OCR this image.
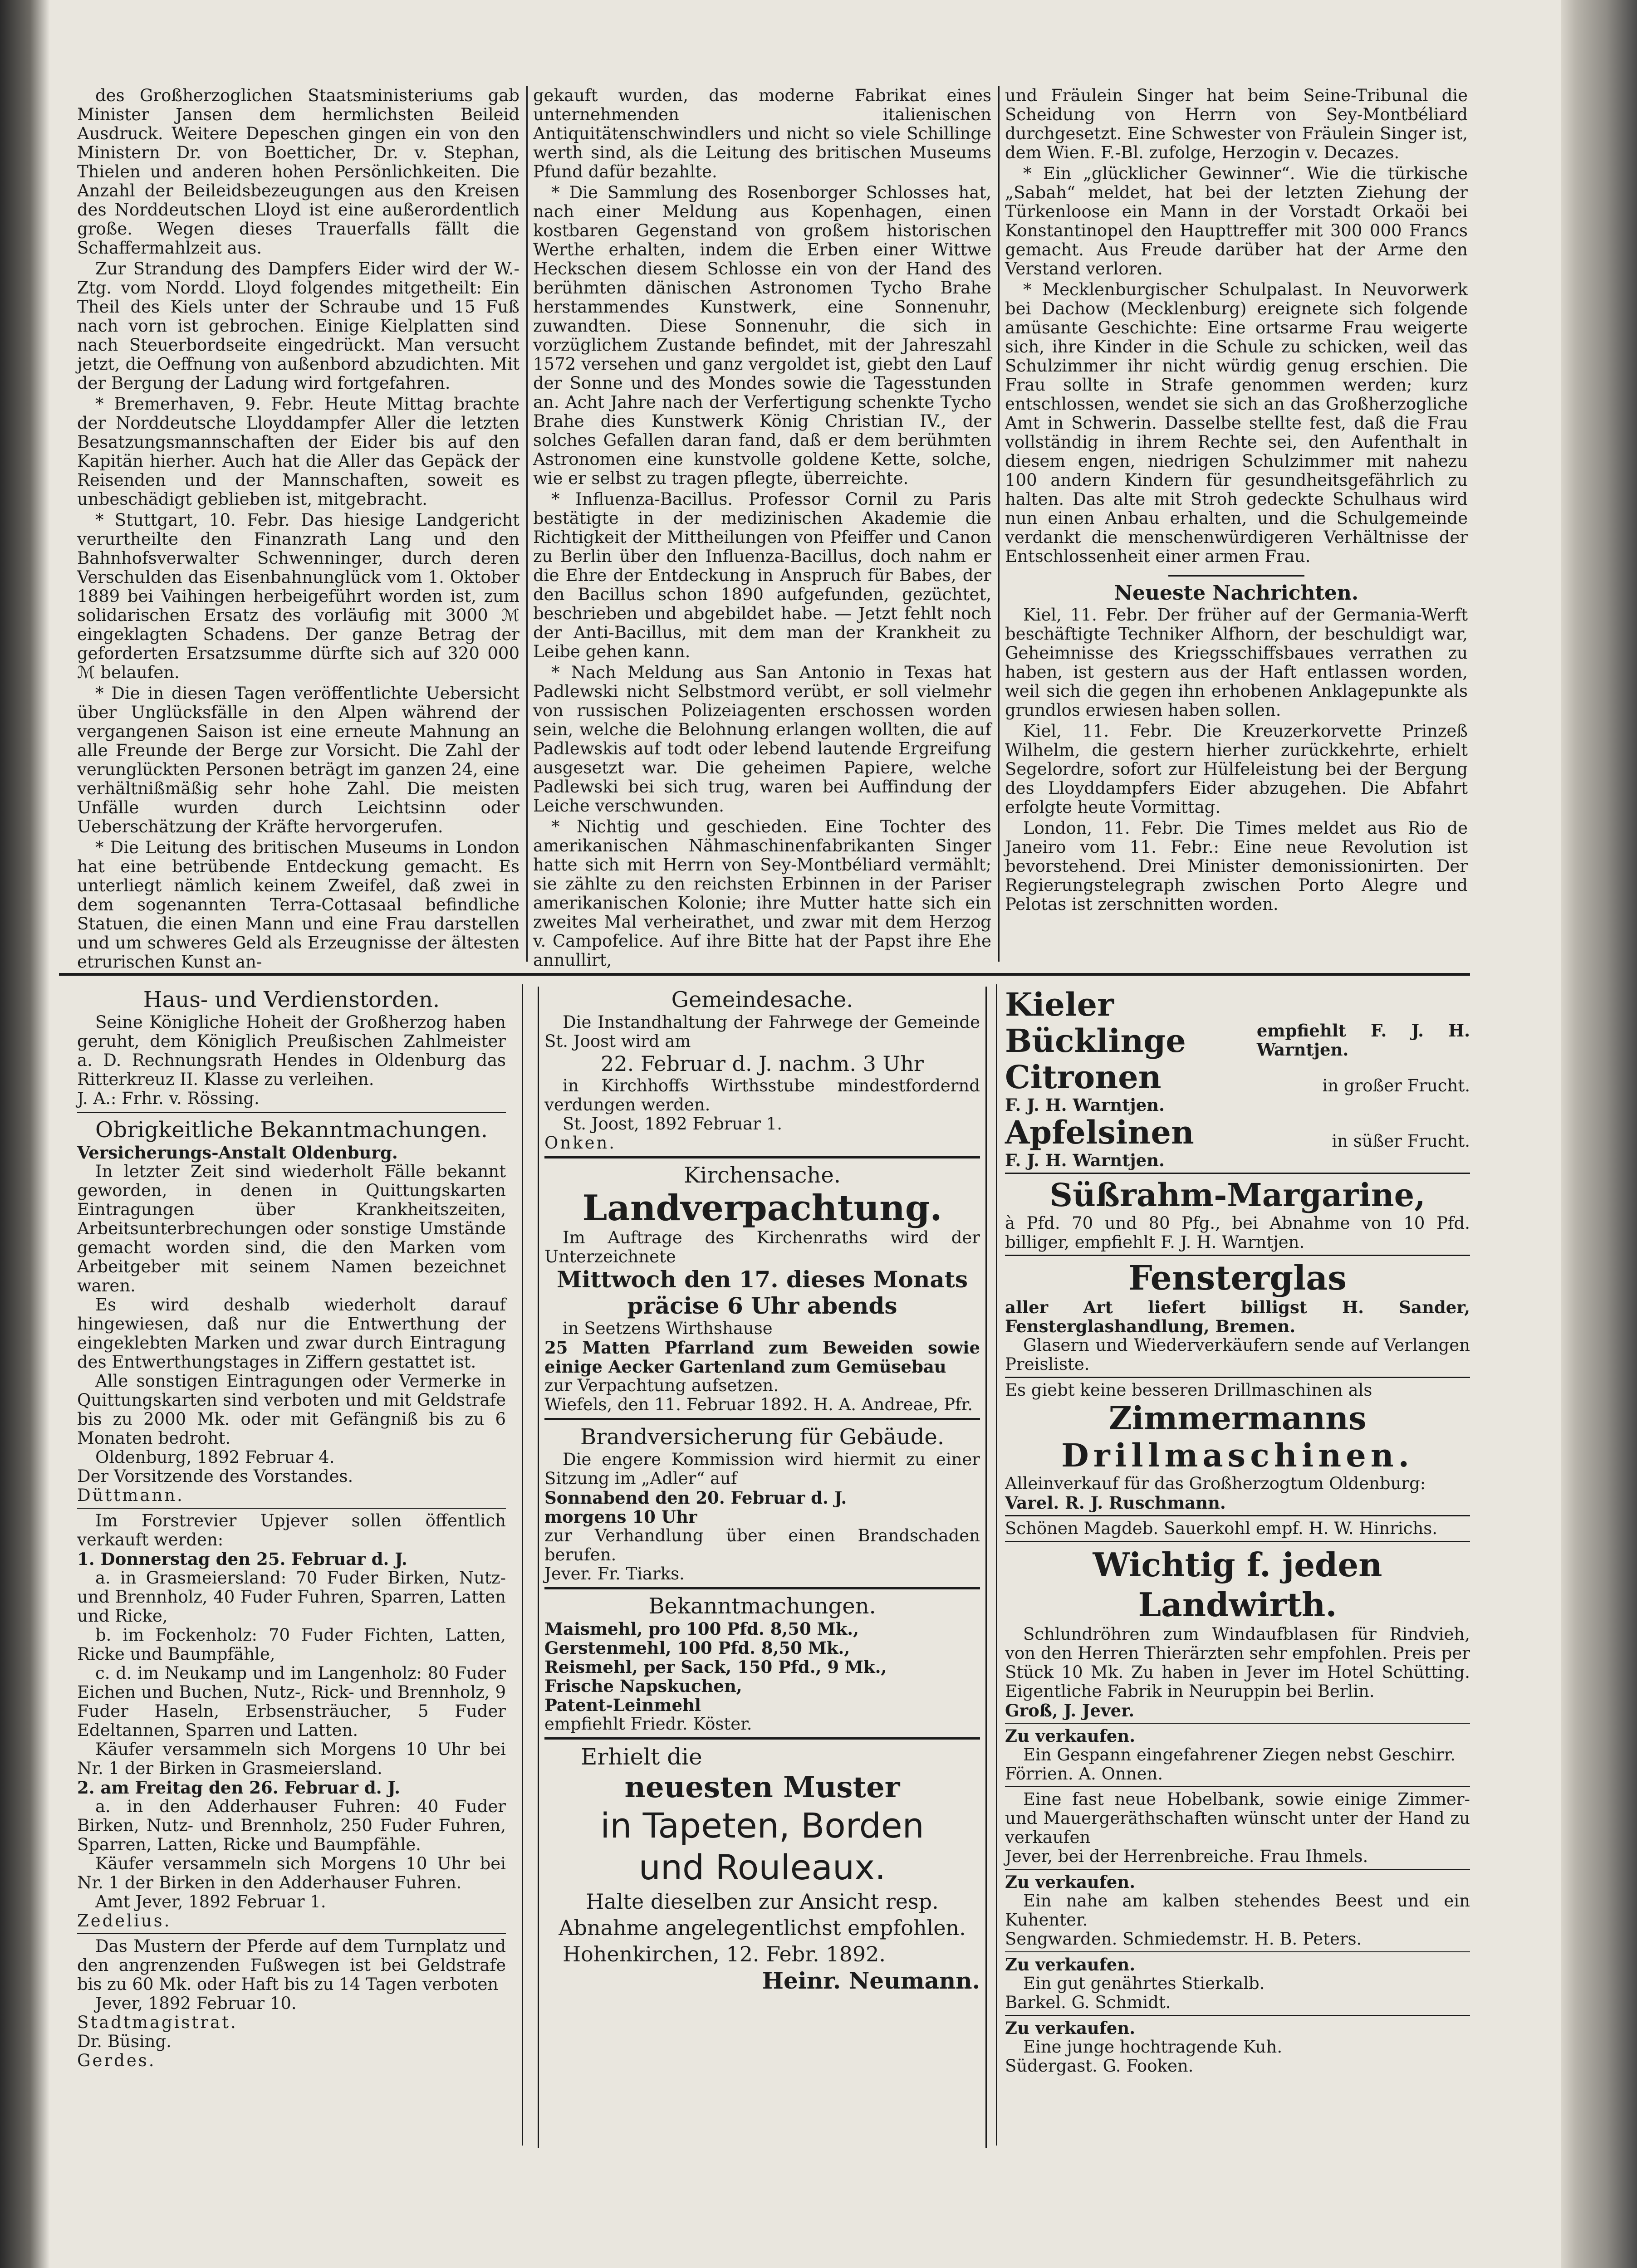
des Großherzoglichen Staatsministeriums gab Minister Jansen dem hermlichsten Beileid Ausdruck. Weitere Depeschen gingen ein von den Ministern Dr. von Boetticher, Dr. v. Stephan, Thielen und anderen hohen Persönlichkeiten. Die Anzahl der Beileidsbezeugungen aus den Kreisen des Norddeutschen Lloyd ist eine außerordentlich große. Wegen dieses Trauerfalls fällt die Schaffermahlzeit aus.

Zur Strandung des Dampfers Eider wird der W.-Ztg. vom Nordd. Lloyd folgendes mitgetheilt: Ein Theil des Kiels unter der Schraube und 15 Fuß nach vorn ist gebrochen. Einige Kielplatten sind nach Steuerbordseite eingedrückt. Man versucht jetzt, die Oeffnung von außenbord abzudichten. Mit der Bergung der Ladung wird fortgefahren.

* Bremerhaven, 9. Febr. Heute Mittag brachte der Norddeutsche Lloyddampfer Aller die letzten Besatzungsmannschaften der Eider bis auf den Kapitän hierher. Auch hat die Aller das Gepäck der Reisenden und der Mannschaften, soweit es unbeschädigt geblieben ist, mitgebracht.

* Stuttgart, 10. Febr. Das hiesige Landgericht verurtheilte den Finanzrath Lang und den Bahnhofsverwalter Schwenninger, durch deren Verschulden das Eisenbahnunglück vom 1. Oktober 1889 bei Vaihingen herbeigeführt worden ist, zum solidarischen Ersatz des vorläufig mit 3000 ℳ eingeklagten Schadens. Der ganze Betrag der geforderten Ersatzsumme dürfte sich auf 320 000 ℳ belaufen.

* Die in diesen Tagen veröffentlichte Uebersicht über Unglücksfälle in den Alpen während der vergangenen Saison ist eine erneute Mahnung an alle Freunde der Berge zur Vorsicht. Die Zahl der verunglückten Personen beträgt im ganzen 24, eine verhältnißmäßig sehr hohe Zahl. Die meisten Unfälle wurden durch Leichtsinn oder Ueberschätzung der Kräfte hervorgerufen.

* Die Leitung des britischen Museums in London hat eine betrübende Entdeckung gemacht. Es unterliegt nämlich keinem Zweifel, daß zwei in dem sogenannten Terra-Cottasaal befindliche Statuen, die einen Mann und eine Frau darstellen und um schweres Geld als Erzeugnisse der ältesten etrurischen Kunst an-

gekauft wurden, das moderne Fabrikat eines unternehmenden italienischen Antiquitätenschwindlers und nicht so viele Schillinge werth sind, als die Leitung des britischen Museums Pfund dafür bezahlte.

* Die Sammlung des Rosenborger Schlosses hat, nach einer Meldung aus Kopenhagen, einen kostbaren Gegenstand von großem historischen Werthe erhalten, indem die Erben einer Wittwe Heckschen diesem Schlosse ein von der Hand des berühmten dänischen Astronomen Tycho Brahe herstammendes Kunstwerk, eine Sonnenuhr, zuwandten. Diese Sonnenuhr, die sich in vorzüglichem Zustande befindet, mit der Jahreszahl 1572 versehen und ganz vergoldet ist, giebt den Lauf der Sonne und des Mondes sowie die Tagesstunden an. Acht Jahre nach der Verfertigung schenkte Tycho Brahe dies Kunstwerk König Christian IV., der solches Gefallen daran fand, daß er dem berühmten Astronomen eine kunstvolle goldene Kette, solche, wie er selbst zu tragen pflegte, überreichte.

* Influenza-Bacillus. Professor Cornil zu Paris bestätigte in der medizinischen Akademie die Richtigkeit der Mittheilungen von Pfeiffer und Canon zu Berlin über den Influenza-Bacillus, doch nahm er die Ehre der Entdeckung in Anspruch für Babes, der den Bacillus schon 1890 aufgefunden, gezüchtet, beschrieben und abgebildet habe. — Jetzt fehlt noch der Anti-Bacillus, mit dem man der Krankheit zu Leibe gehen kann.

* Nach Meldung aus San Antonio in Texas hat Padlewski nicht Selbstmord verübt, er soll vielmehr von russischen Polizeiagenten erschossen worden sein, welche die Belohnung erlangen wollten, die auf Padlewskis auf todt oder lebend lautende Ergreifung ausgesetzt war. Die geheimen Papiere, welche Padlewski bei sich trug, waren bei Auffindung der Leiche verschwunden.

* Nichtig und geschieden. Eine Tochter des amerikanischen Nähmaschinenfabrikanten Singer hatte sich mit Herrn von Sey-Montbéliard vermählt; sie zählte zu den reichsten Erbinnen in der Pariser amerikanischen Kolonie; ihre Mutter hatte sich ein zweites Mal verheirathet, und zwar mit dem Herzog v. Campofelice. Auf ihre Bitte hat der Papst ihre Ehe annullirt,

und Fräulein Singer hat beim Seine-Tribunal die Scheidung von Herrn von Sey-Montbéliard durchgesetzt. Eine Schwester von Fräulein Singer ist, dem Wien. F.-Bl. zufolge, Herzogin v. Decazes.

* Ein „glücklicher Gewinner“. Wie die türkische „Sabah“ meldet, hat bei der letzten Ziehung der Türkenloose ein Mann in der Vorstadt Orkaöi bei Konstantinopel den Haupttreffer mit 300 000 Francs gemacht. Aus Freude darüber hat der Arme den Verstand verloren.

* Mecklenburgischer Schulpalast. In Neuvorwerk bei Dachow (Mecklenburg) ereignete sich folgende amüsante Geschichte: Eine ortsarme Frau weigerte sich, ihre Kinder in die Schule zu schicken, weil das Schulzimmer ihr nicht würdig genug erschien. Die Frau sollte in Strafe genommen werden; kurz entschlossen, wendet sie sich an das Großherzogliche Amt in Schwerin. Dasselbe stellte fest, daß die Frau vollständig in ihrem Rechte sei, den Aufenthalt in diesem engen, niedrigen Schulzimmer mit nahezu 100 andern Kindern für gesundheitsgefährlich zu halten. Das alte mit Stroh gedeckte Schulhaus wird nun einen Anbau erhalten, und die Schulgemeinde verdankt die menschenwürdigeren Verhältnisse der Entschlossenheit einer armen Frau.

Neueste Nachrichten.

Kiel, 11. Febr. Der früher auf der Germania-Werft beschäftigte Techniker Alfhorn, der beschuldigt war, Geheimnisse des Kriegsschiffsbaues verrathen zu haben, ist gestern aus der Haft entlassen worden, weil sich die gegen ihn erhobenen Anklagepunkte als grundlos erwiesen haben sollen.

Kiel, 11. Febr. Die Kreuzerkorvette Prinzeß Wilhelm, die gestern hierher zurückkehrte, erhielt Segelordre, sofort zur Hülfeleistung bei der Bergung des Lloyddampfers Eider abzugehen. Die Abfahrt erfolgte heute Vormittag.

London, 11. Febr. Die Times meldet aus Rio de Janeiro vom 11. Febr.: Eine neue Revolution ist bevorstehend. Drei Minister demonissionirten. Der Regierungstelegraph zwischen Porto Alegre und Pelotas ist zerschnitten worden.

Haus- und Verdienstorden.

Seine Königliche Hoheit der Großherzog haben geruht, dem Königlich Preußischen Zahlmeister a. D. Rechnungsrath Hendes in Oldenburg das Ritterkreuz II. Klasse zu verleihen.

J. A.: Frhr. v. Rössing.
Obrigkeitliche Bekanntmachungen.
Versicherungs-Anstalt Oldenburg.

In letzter Zeit sind wiederholt Fälle bekannt geworden, in denen in Quittungskarten Eintragungen über Krankheitszeiten, Arbeitsunterbrechungen oder sonstige Umstände gemacht worden sind, die den Marken vom Arbeitgeber mit seinem Namen bezeichnet waren.

Es wird deshalb wiederholt darauf hingewiesen, daß nur die Entwerthung der eingeklebten Marken und zwar durch Eintragung des Entwerthungstages in Ziffern gestattet ist.

Alle sonstigen Eintragungen oder Vermerke in Quittungskarten sind verboten und mit Geldstrafe bis zu 2000 Mk. oder mit Gefängniß bis zu 6 Monaten bedroht.

Oldenburg, 1892 Februar 4.

Der Vorsitzende des Vorstandes.
Düttmann.

Im Forstrevier Upjever sollen öffentlich verkauft werden:

1. Donnerstag den 25. Februar d. J.

a. in Grasmeiersland: 70 Fuder Birken, Nutz- und Brennholz, 40 Fuder Fuhren, Sparren, Latten und Ricke,

b. im Fockenholz: 70 Fuder Fichten, Latten, Ricke und Baumpfähle,

c. d. im Neukamp und im Langenholz: 80 Fuder Eichen und Buchen, Nutz-, Rick- und Brennholz, 9 Fuder Haseln, Erbsensträucher, 5 Fuder Edeltannen, Sparren und Latten.

Käufer versammeln sich Morgens 10 Uhr bei Nr. 1 der Birken in Grasmeiersland.

2. am Freitag den 26. Februar d. J.

a. in den Adderhauser Fuhren: 40 Fuder Birken, Nutz- und Brennholz, 250 Fuder Fuhren, Sparren, Latten, Ricke und Baumpfähle.

Käufer versammeln sich Morgens 10 Uhr bei Nr. 1 der Birken in den Adderhauser Fuhren.

Amt Jever, 1892 Februar 1.

Zedelius.

Das Mustern der Pferde auf dem Turnplatz und den angrenzenden Fußwegen ist bei Geldstrafe bis zu 60 Mk. oder Haft bis zu 14 Tagen verboten

Jever, 1892 Februar 10.

Stadtmagistrat.
Dr. Büsing.
Gerdes.
Gemeindesache.

Die Instandhaltung der Fahrwege der Gemeinde St. Joost wird am

22. Februar d. J. nachm. 3 Uhr

in Kirchhoffs Wirthsstube mindestfordernd verdungen werden.

St. Joost, 1892 Februar 1.

Onken.
Kirchensache.
Landverpachtung.

Im Auftrage des Kirchenraths wird der Unterzeichnete

Mittwoch den 17. dieses Monats
präcise 6 Uhr abends

in Seetzens Wirthshause

25 Matten Pfarrland zum Beweiden sowie einige Aecker Gartenland zum Gemüsebau
zur Verpachtung aufsetzen.
Wiefels, den 11. Februar 1892. H. A. Andreae, Pfr.
Brandversicherung für Gebäude.

Die engere Kommission wird hiermit zu einer Sitzung im „Adler“ auf

Sonnabend den 20. Februar d. J.
morgens 10 Uhr
zur Verhandlung über einen Brandschaden berufen.
Jever. Fr. Tiarks.
Bekanntmachungen.
Maismehl, pro 100 Pfd. 8,50 Mk.,
Gerstenmehl, 100 Pfd. 8,50 Mk.,
Reismehl, per Sack, 150 Pfd., 9 Mk.,
Frische Napskuchen,
Patent-Leinmehl
empfiehlt Friedr. Köster.
Erhielt die
neuesten Muster
in Tapeten, Borden
und Rouleaux.
Halte dieselben zur Ansicht resp. Abnahme angelegentlichst empfohlen.
Hohenkirchen, 12. Febr. 1892.
Heinr. Neumann.
Kieler Bücklinge	empfiehlt F. J. H. Warntjen.
Citronen	in großer Frucht.
F. J. H. Warntjen.
Apfelsinen	in süßer Frucht.
F. J. H. Warntjen.
Süßrahm-Margarine,
à Pfd. 70 und 80 Pfg., bei Abnahme von 10 Pfd. billiger, empfiehlt F. J. H. Warntjen.
Fensterglas
aller Art liefert billigst H. Sander, Fensterglashandlung, Bremen.

Glasern und Wiederverkäufern sende auf Verlangen Preisliste.

Es giebt keine besseren Drillmaschinen als
Zimmermanns
Drillmaschinen.
Alleinverkauf für das Großherzogtum Oldenburg:
Varel. R. J. Ruschmann.
Schönen Magdeb. Sauerkohl empf. H. W. Hinrichs.
Wichtig f. jeden Landwirth.

Schlundröhren zum Windaufblasen für Rindvieh, von den Herren Thierärzten sehr empfohlen. Preis per Stück 10 Mk. Zu haben in Jever im Hotel Schütting. Eigentliche Fabrik in Neuruppin bei Berlin.

Groß, J. Jever.
Zu verkaufen.

Ein Gespann eingefahrener Ziegen nebst Geschirr.

Förrien. A. Onnen.

Eine fast neue Hobelbank, sowie einige Zimmer- und Mauergeräthschaften wünscht unter der Hand zu verkaufen

Jever, bei der Herrenbreiche. Frau Ihmels.
Zu verkaufen.

Ein nahe am kalben stehendes Beest und ein Kuhenter.

Sengwarden. Schmiedemstr. H. B. Peters.
Zu verkaufen.

Ein gut genährtes Stierkalb.

Barkel. G. Schmidt.
Zu verkaufen.

Eine junge hochtragende Kuh.

Südergast. G. Fooken.
